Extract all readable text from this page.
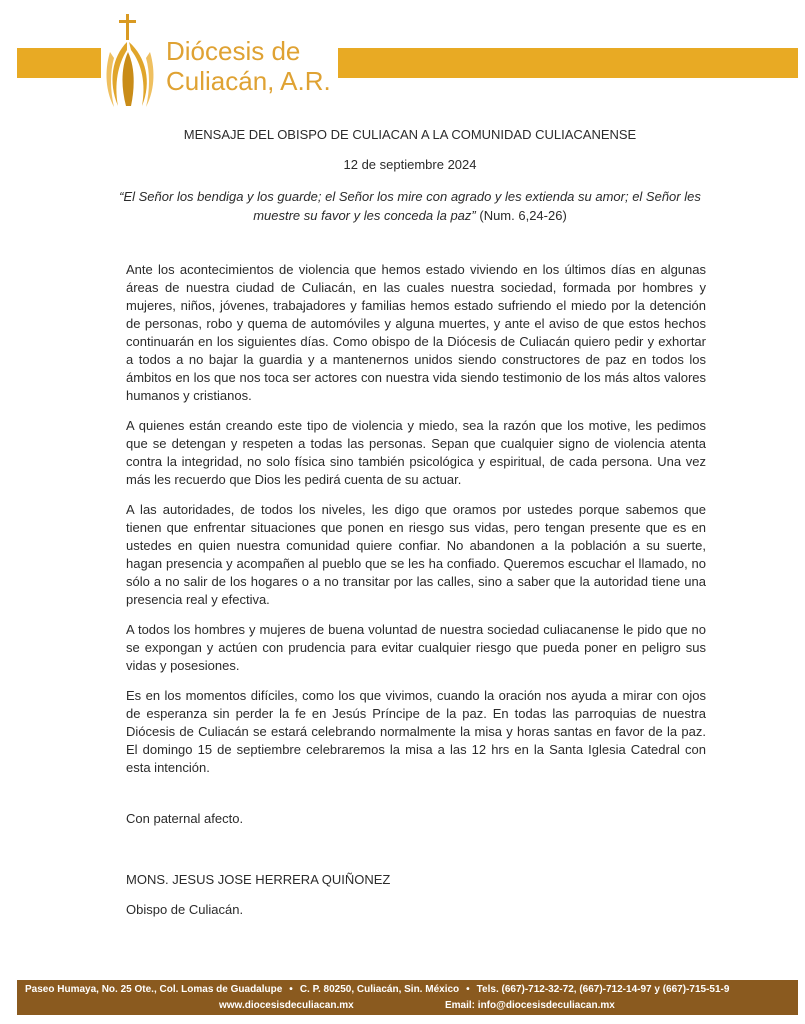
Diócesis de
Culiacán, A.R.
MENSAJE DEL OBISPO DE CULIACAN A LA COMUNIDAD CULIACANENSE
12 de septiembre 2024
“El Señor los bendiga y los guarde; el Señor los mire con agrado y les extienda su amor; el Señor les muestre su favor y les conceda la paz” (Num. 6,24-26)

Ante los acontecimientos de violencia que hemos estado viviendo en los últimos días en algunas áreas de nuestra ciudad de Culiacán, en las cuales nuestra sociedad, formada por hombres y mujeres, niños, jóvenes, trabajadores y familias hemos estado sufriendo el miedo por la detención de personas, robo y quema de automóviles y alguna muertes, y ante el aviso de que estos hechos continuarán en los siguientes días. Como obispo de la Diócesis de Culiacán quiero pedir y exhortar a todos a no bajar la guardia y a mantenernos unidos siendo constructores de paz en todos los ámbitos en los que nos toca ser actores con nuestra vida siendo testimonio de los más altos valores humanos y cristianos.

A quienes están creando este tipo de violencia y miedo, sea la razón que los motive, les pedimos que se detengan y respeten a todas las personas. Sepan que cualquier signo de violencia atenta contra la integridad, no solo física sino también psicológica y espiritual, de cada persona. Una vez más les recuerdo que Dios les pedirá cuenta de su actuar.

A las autoridades, de todos los niveles, les digo que oramos por ustedes porque sabemos que tienen que enfrentar situaciones que ponen en riesgo sus vidas, pero tengan presente que es en ustedes en quien nuestra comunidad quiere confiar. No abandonen a la población a su suerte, hagan presencia y acompañen al pueblo que se les ha confiado. Queremos escuchar el llamado, no sólo a no salir de los hogares o a no transitar por las calles, sino a saber que la autoridad tiene una presencia real y efectiva.

A todos los hombres y mujeres de buena voluntad de nuestra sociedad culiacanense le pido que no se expongan y actúen con prudencia para evitar cualquier riesgo que pueda poner en peligro sus vidas y posesiones.

Es en los momentos difíciles, como los que vivimos, cuando la oración nos ayuda a mirar con ojos de esperanza sin perder la fe en Jesús Príncipe de la paz. En todas las parroquias de nuestra Diócesis de Culiacán se estará celebrando normalmente la misa y horas santas en favor de la paz. El domingo 15 de septiembre celebraremos la misa a las 12 hrs en la Santa Iglesia Catedral con esta intención.

Con paternal afecto.
MONS. JESUS JOSE HERRERA QUIÑONEZ
Obispo de Culiacán.
Paseo Humaya, No. 25 Ote., Col. Lomas de Guadalupe • C. P. 80250, Culiacán, Sin. México • Tels. (667)-712-32-72, (667)-712-14-97 y (667)-715-51-9
www.diocesisdeculiacan.mx	Email: info@diocesisdeculiacan.mx
